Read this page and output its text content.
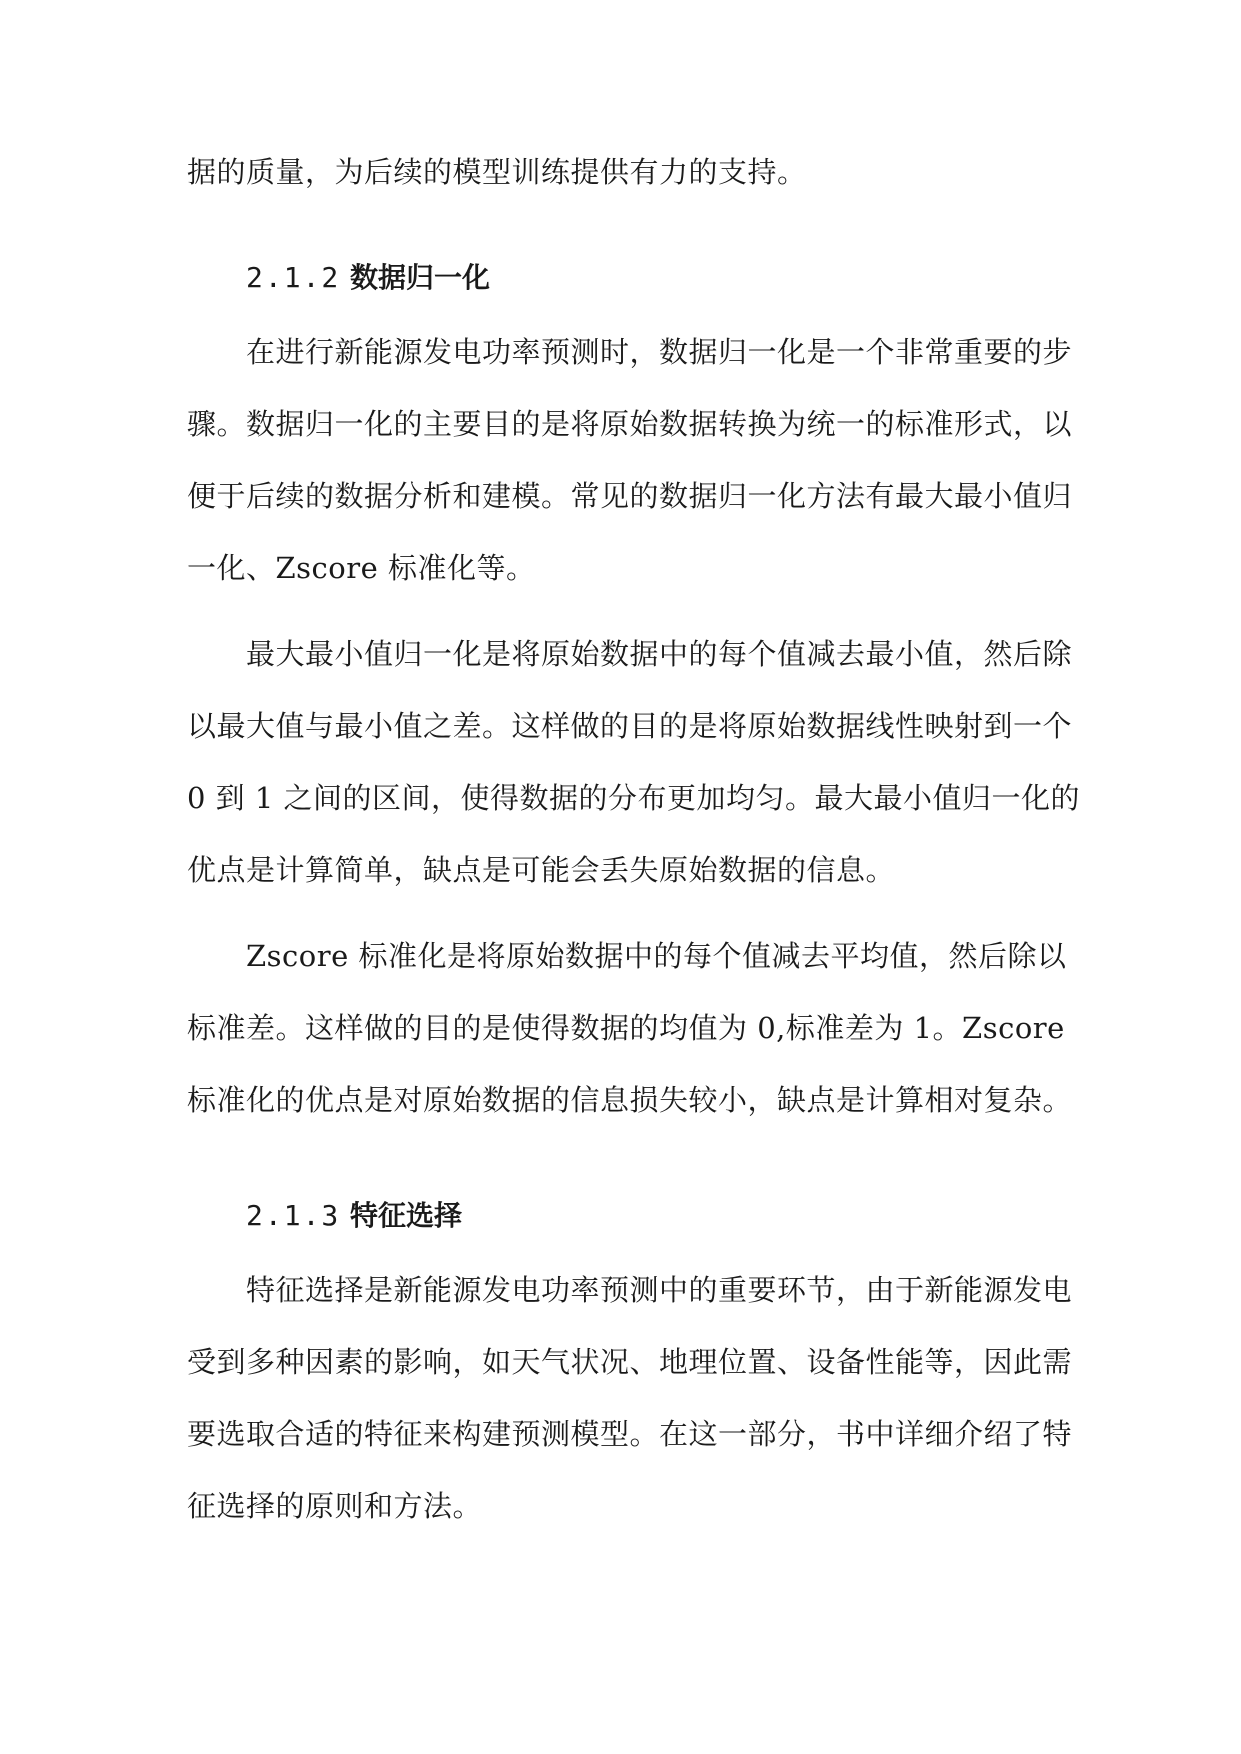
据的质量，为后续的模型训练提供有力的支持。
2.1.2 数据归一化
　　在进行新能源发电功率预测时，数据归一化是一个非常重要的步
骤。数据归一化的主要目的是将原始数据转换为统一的标准形式，以
便于后续的数据分析和建模。常见的数据归一化方法有最大最小值归
一化、Zscore 标准化等。
　　最大最小值归一化是将原始数据中的每个值减去最小值，然后除
以最大值与最小值之差。这样做的目的是将原始数据线性映射到一个
0 到 1 之间的区间，使得数据的分布更加均匀。最大最小值归一化的
优点是计算简单，缺点是可能会丢失原始数据的信息。
　　Zscore 标准化是将原始数据中的每个值减去平均值，然后除以
标准差。这样做的目的是使得数据的均值为 0,标准差为 1。Zscore
标准化的优点是对原始数据的信息损失较小，缺点是计算相对复杂。
2.1.3 特征选择
　　特征选择是新能源发电功率预测中的重要环节，由于新能源发电
受到多种因素的影响，如天气状况、地理位置、设备性能等，因此需
要选取合适的特征来构建预测模型。在这一部分，书中详细介绍了特
征选择的原则和方法。
